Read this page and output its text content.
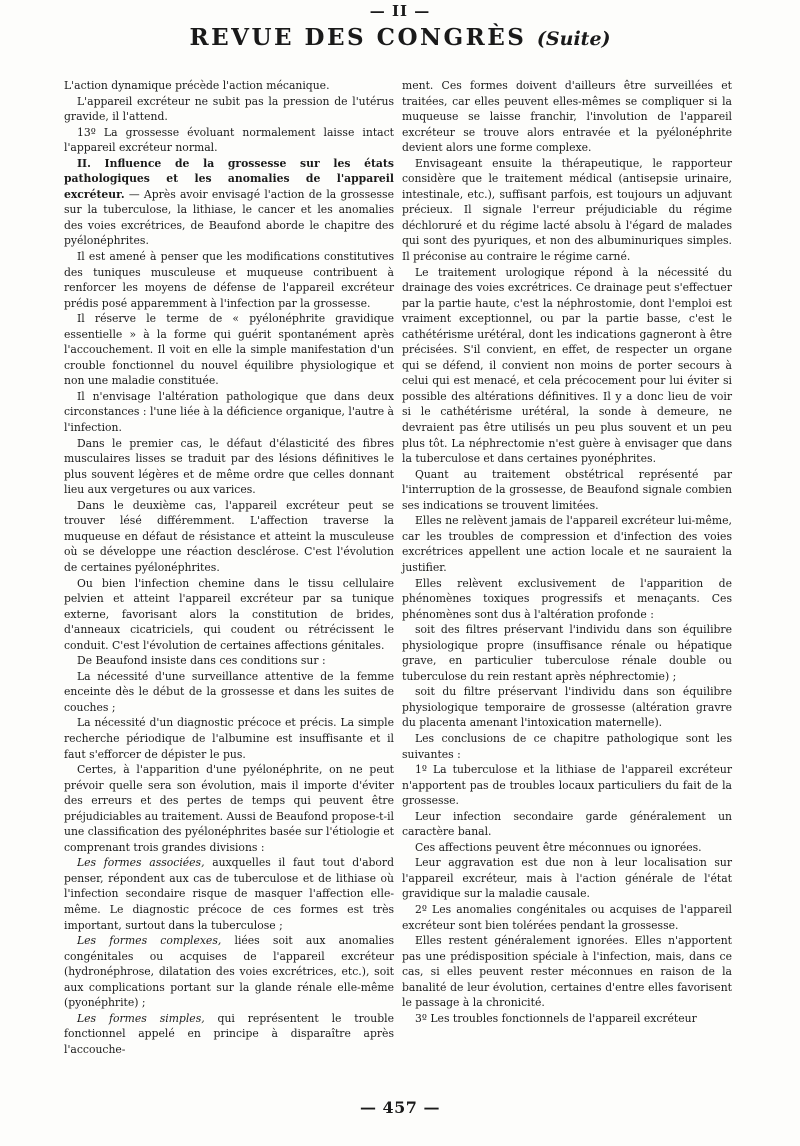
— II —
REVUE DES CONGRÈS (Suite)

L'action dynamique précède l'action mécanique.

L'appareil excréteur ne subit pas la pression de l'utérus gravide, il l'attend.

13º La grossesse évoluant normalement laisse intact l'appareil excréteur normal.

II. Influence de la grossesse sur les états pathologiques et les anomalies de l'appareil excréteur. — Après avoir envisagé l'action de la grossesse sur la tuberculose, la lithiase, le cancer et les anomalies des voies excrétrices, de Beaufond aborde le chapitre des pyélonéphrites.

Il est amené à penser que les modifications constitutives des tuniques musculeuse et muqueuse contribuent à renforcer les moyens de défense de l'appareil excréteur prédis posé apparemment à l'infection par la grossesse.

Il réserve le terme de « pyélonéphrite gravidique essentielle » à la forme qui guérit spontanément après l'accouchement. Il voit en elle la simple manifestation d'un crouble fonctionnel du nouvel équilibre physiologique et non une maladie constituée.

Il n'envisage l'altération pathologique que dans deux circonstances : l'une liée à la déficience organique, l'autre à l'infection.

Dans le premier cas, le défaut d'élasticité des fibres musculaires lisses se traduit par des lésions définitives le plus souvent légères et de même ordre que celles donnant lieu aux vergetures ou aux varices.

Dans le deuxième cas, l'appareil excréteur peut se trouver lésé différemment. L'affection traverse la muqueuse en défaut de résistance et atteint la musculeuse où se développe une réaction desclérose. C'est l'évolution de certaines pyélonéphrites.

Ou bien l'infection chemine dans le tissu cellulaire pelvien et atteint l'appareil excréteur par sa tunique externe, favorisant alors la constitution de brides, d'anneaux cicatriciels, qui coudent ou rétrécissent le conduit. C'est l'évolution de certaines affections génitales.

De Beaufond insiste dans ces conditions sur :

La nécessité d'une surveillance attentive de la femme enceinte dès le début de la grossesse et dans les suites de couches ;

La nécessité d'un diagnostic précoce et précis. La simple recherche périodique de l'albumine est insuffisante et il faut s'efforcer de dépister le pus.

Certes, à l'apparition d'une pyélonéphrite, on ne peut prévoir quelle sera son évolution, mais il importe d'éviter des erreurs et des pertes de temps qui peuvent être préjudiciables au traitement. Aussi de Beaufond propose-t-il une classification des pyélonéphrites basée sur l'étiologie et comprenant trois grandes divisions :

Les formes associées, auxquelles il faut tout d'abord penser, répondent aux cas de tuberculose et de lithiase où l'infection secondaire risque de masquer l'affection elle-même. Le diagnostic précoce de ces formes est très important, surtout dans la tuberculose ;

Les formes complexes, liées soit aux anomalies congénitales ou acquises de l'appareil excréteur (hydronéphrose, dilatation des voies excrétrices, etc.), soit aux complications portant sur la glande rénale elle-même (pyonéphrite) ;

Les formes simples, qui représentent le trouble fonctionnel appelé en principe à disparaître après l'accouche-

ment. Ces formes doivent d'ailleurs être surveillées et traitées, car elles peuvent elles-mêmes se compliquer si la muqueuse se laisse franchir, l'involution de l'appareil excréteur se trouve alors entravée et la pyélonéphrite devient alors une forme complexe.

Envisageant ensuite la thérapeutique, le rapporteur considère que le traitement médical (antisepsie urinaire, intestinale, etc.), suffisant parfois, est toujours un adjuvant précieux. Il signale l'erreur préjudiciable du régime déchloruré et du régime lacté absolu à l'égard de malades qui sont des pyuriques, et non des albuminuriques simples. Il préconise au contraire le régime carné.

Le traitement urologique répond à la nécessité du drainage des voies excrétrices. Ce drainage peut s'effectuer par la partie haute, c'est la néphrostomie, dont l'emploi est vraiment exceptionnel, ou par la partie basse, c'est le cathétérisme urétéral, dont les indications gagneront à être précisées. S'il convient, en effet, de respecter un organe qui se défend, il convient non moins de porter secours à celui qui est menacé, et cela précocement pour lui éviter si possible des altérations définitives. Il y a donc lieu de voir si le cathétérisme urétéral, la sonde à demeure, ne devraient pas être utilisés un peu plus souvent et un peu plus tôt. La néphrectomie n'est guère à envisager que dans la tuberculose et dans certaines pyonéphrites.

Quant au traitement obstétrical représenté par l'interruption de la grossesse, de Beaufond signale combien ses indications se trouvent limitées.

Elles ne relèvent jamais de l'appareil excréteur lui-même, car les troubles de compression et d'infection des voies excrétrices appellent une action locale et ne sauraient la justifier.

Elles relèvent exclusivement de l'apparition de phénomènes toxiques progressifs et menaçants. Ces phénomènes sont dus à l'altération profonde :

soit des filtres préservant l'individu dans son équilibre physiologique propre (insuffisance rénale ou hépatique grave, en particulier tuberculose rénale double ou tuberculose du rein restant après néphrectomie) ;

soit du filtre préservant l'individu dans son équilibre physiologique temporaire de grossesse (altération gravre du placenta amenant l'intoxication maternelle).

Les conclusions de ce chapitre pathologique sont les suivantes :

1º La tuberculose et la lithiase de l'appareil excréteur n'apportent pas de troubles locaux particuliers du fait de la grossesse.

Leur infection secondaire garde généralement un caractère banal.

Ces affections peuvent être méconnues ou ignorées.

Leur aggravation est due non à leur localisation sur l'appareil excréteur, mais à l'action générale de l'état gravidique sur la maladie causale.

2º Les anomalies congénitales ou acquises de l'appareil excréteur sont bien tolérées pendant la grossesse.

Elles restent généralement ignorées. Elles n'apportent pas une prédisposition spéciale à l'infection, mais, dans ce cas, si elles peuvent rester méconnues en raison de la banalité de leur évolution, certaines d'entre elles favorisent le passage à la chronicité.

3º Les troubles fonctionnels de l'appareil excréteur

— 457 —
